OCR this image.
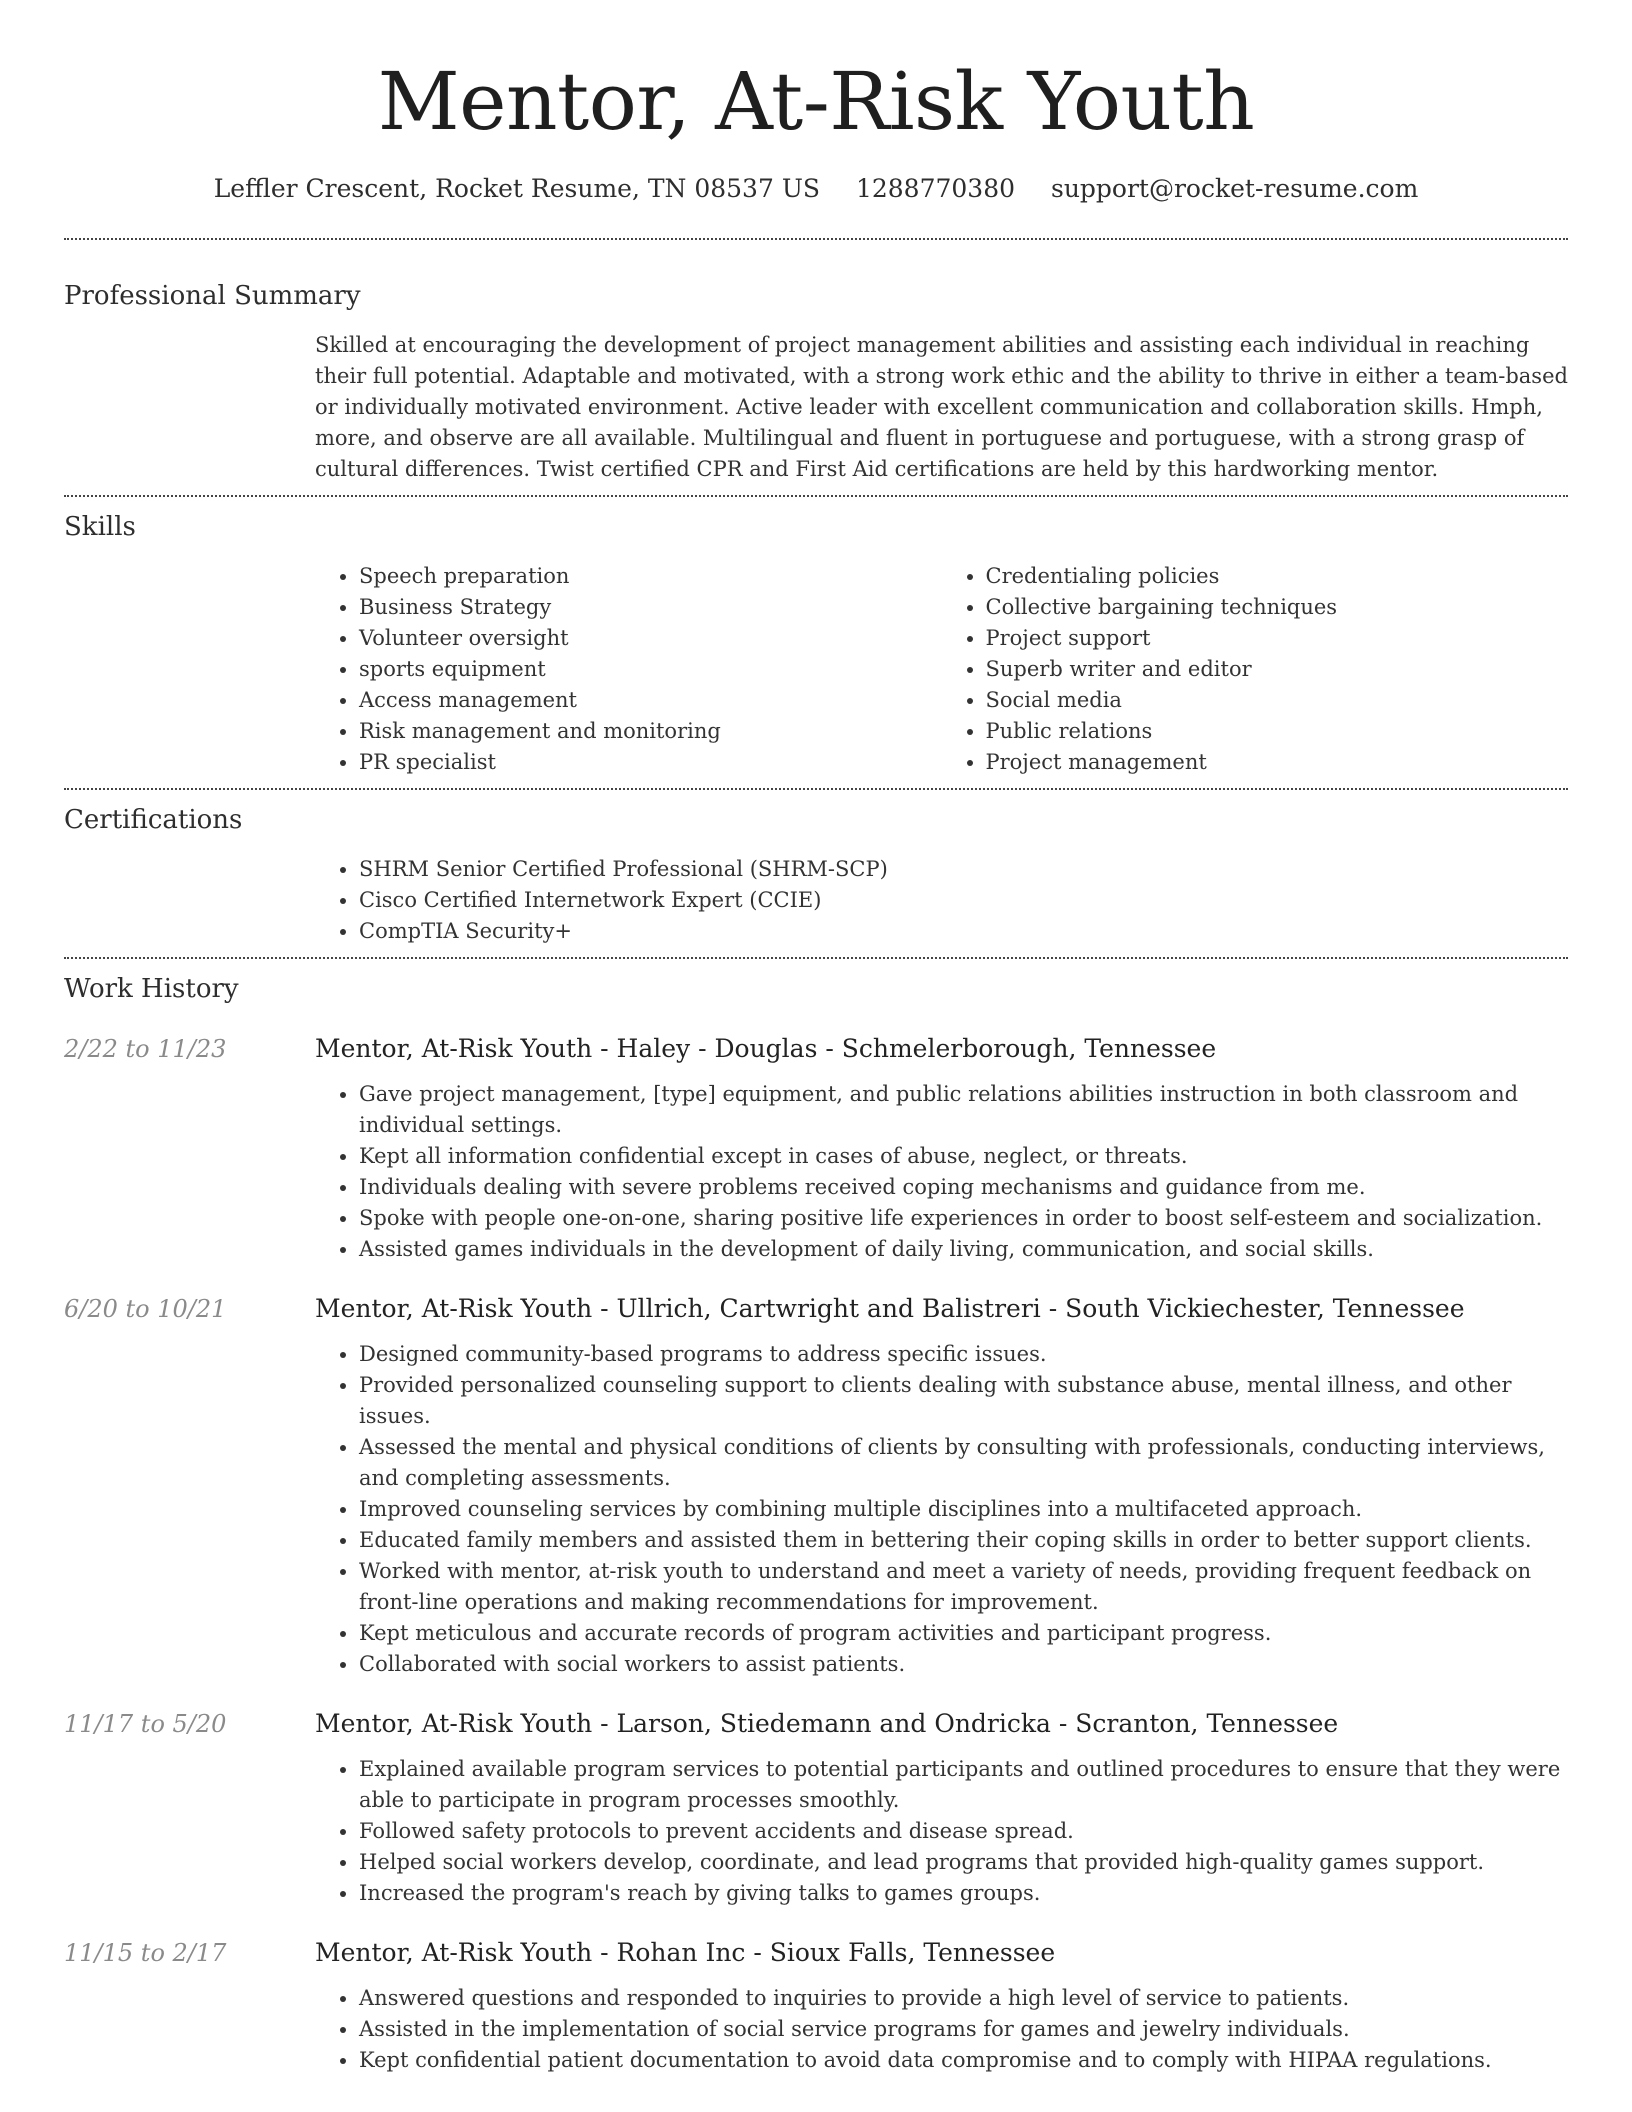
Mentor, At-Risk Youth
Leffler Crescent, Rocket Resume, TN 08537 US 1288770380 support@rocket-resume.com
Professional Summary
Skilled at encouraging the development of project management abilities and assisting each individual in reaching their full potential. Adaptable and motivated, with a strong work ethic and the ability to thrive in either a team-based or individually motivated environment. Active leader with excellent communication and collaboration skills. Hmph, more, and observe are all available. Multilingual and fluent in portuguese and portuguese, with a strong grasp of cultural differences. Twist certified CPR and First Aid certifications are held by this hardworking mentor.
Skills
• Speech preparation
• Business Strategy
• Volunteer oversight
• sports equipment
• Access management
• Risk management and monitoring
• PR specialist
• Credentialing policies
• Collective bargaining techniques
• Project support
• Superb writer and editor
• Social media
• Public relations
• Project management
Certifications
• SHRM Senior Certified Professional (SHRM-SCP)
• Cisco Certified Internetwork Expert (CCIE)
• CompTIA Security+
Work History
2/22 to 11/23	Mentor, At-Risk Youth - Haley - Douglas - Schmelerborough, Tennessee
• Gave project management, [type] equipment, and public relations abilities instruction in both classroom and individual settings.
• Kept all information confidential except in cases of abuse, neglect, or threats.
• Individuals dealing with severe problems received coping mechanisms and guidance from me.
• Spoke with people one-on-one, sharing positive life experiences in order to boost self-esteem and socialization.
• Assisted games individuals in the development of daily living, communication, and social skills.
6/20 to 10/21	Mentor, At-Risk Youth - Ullrich, Cartwright and Balistreri - South Vickiechester, Tennessee
• Designed community-based programs to address specific issues.
• Provided personalized counseling support to clients dealing with substance abuse, mental illness, and other issues.
• Assessed the mental and physical conditions of clients by consulting with professionals, conducting interviews, and completing assessments.
• Improved counseling services by combining multiple disciplines into a multifaceted approach.
• Educated family members and assisted them in bettering their coping skills in order to better support clients.
• Worked with mentor, at-risk youth to understand and meet a variety of needs, providing frequent feedback on front-line operations and making recommendations for improvement.
• Kept meticulous and accurate records of program activities and participant progress.
• Collaborated with social workers to assist patients.
11/17 to 5/20	Mentor, At-Risk Youth - Larson, Stiedemann and Ondricka - Scranton, Tennessee
• Explained available program services to potential participants and outlined procedures to ensure that they were able to participate in program processes smoothly.
• Followed safety protocols to prevent accidents and disease spread.
• Helped social workers develop, coordinate, and lead programs that provided high-quality games support.
• Increased the program's reach by giving talks to games groups.
11/15 to 2/17	Mentor, At-Risk Youth - Rohan Inc - Sioux Falls, Tennessee
• Answered questions and responded to inquiries to provide a high level of service to patients.
• Assisted in the implementation of social service programs for games and jewelry individuals.
• Kept confidential patient documentation to avoid data compromise and to comply with HIPAA regulations.
